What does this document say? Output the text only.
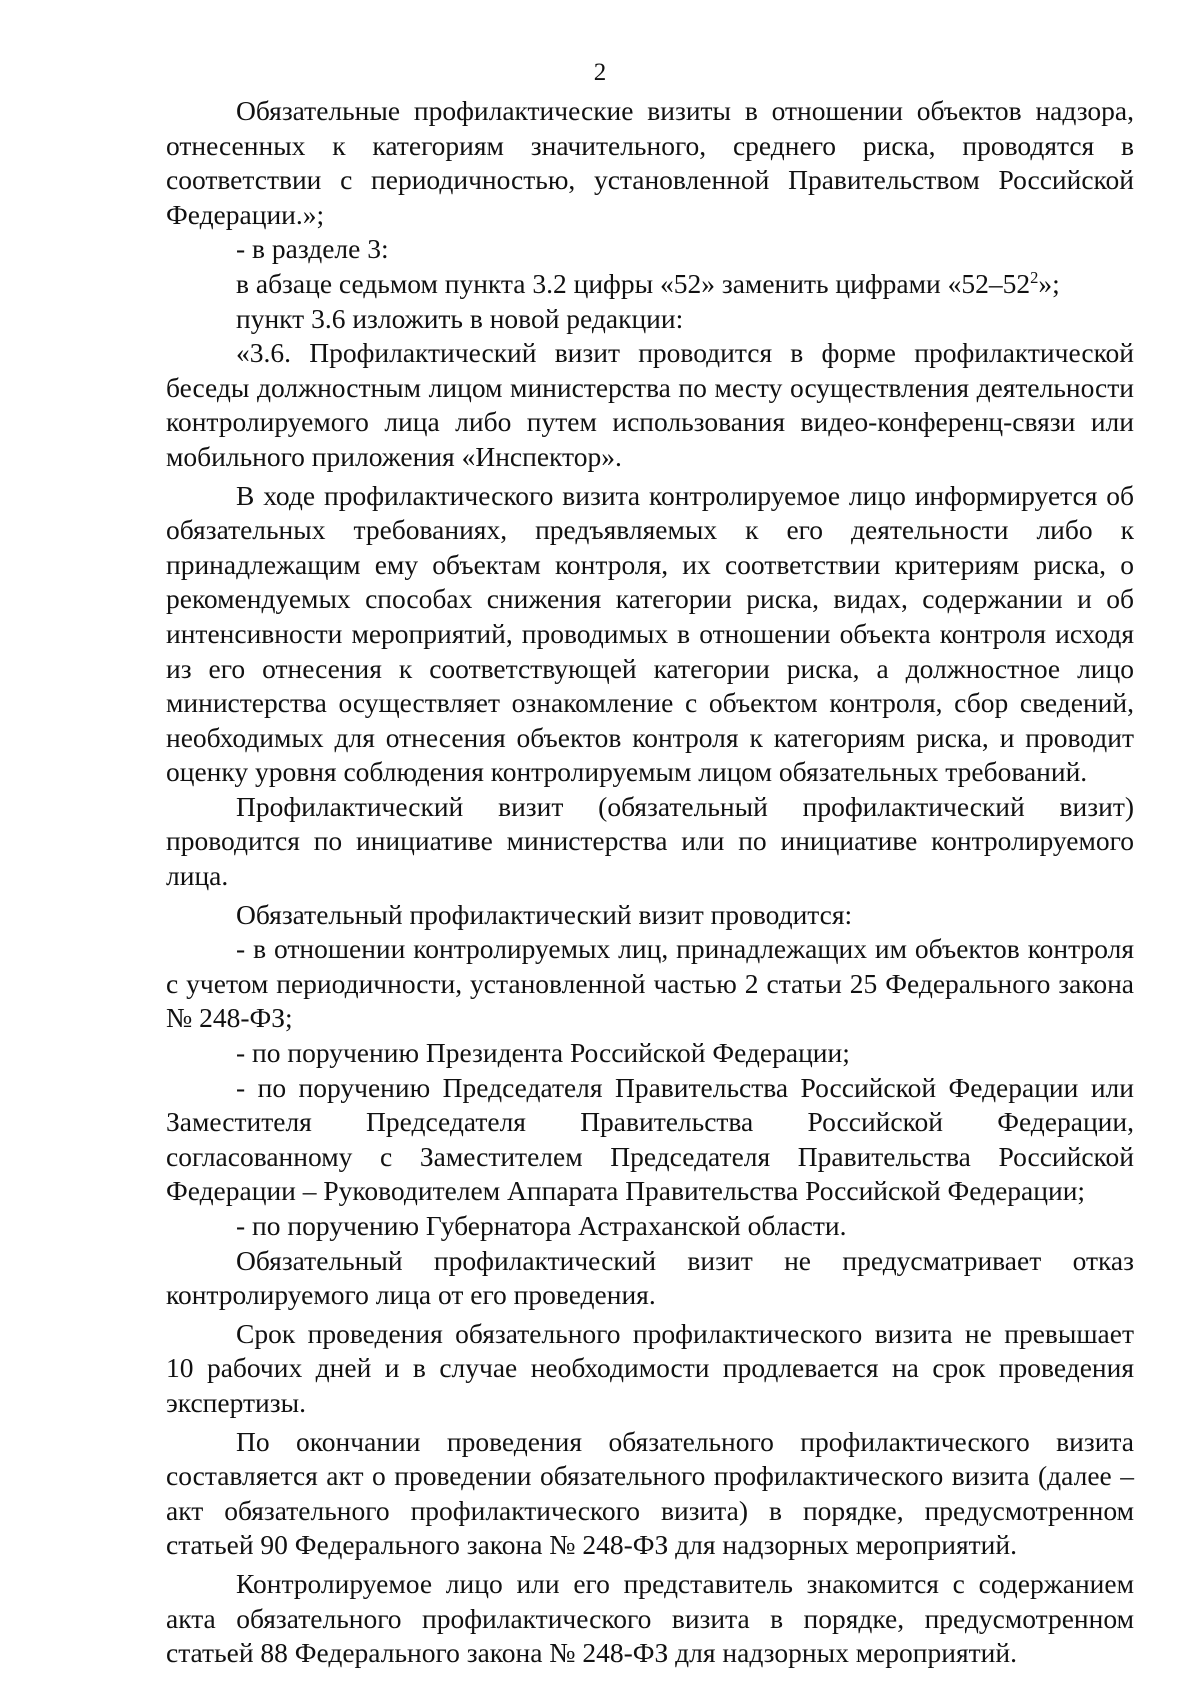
2

Обязательные профилактические визиты в отношении объектов надзора, отнесенных к категориям значительного, среднего риска, проводятся в соответствии с периодичностью, установленной Правительством Российской Федерации.»;

- в разделе 3:

в абзаце седьмом пункта 3.2 цифры «52» заменить цифрами «$52-52^2$»;

пункт 3.6 изложить в новой редакции:

«3.6. Профилактический визит проводится в форме профилактической беседы должностным лицом министерства по месту осуществления деятельности контролируемого лица либо путем использования видео-конференц-связи или мобильного приложения «Инспектор».

В ходе профилактического визита контролируемое лицо информируется об обязательных требованиях, предъявляемых к его деятельности либо к принадлежащим ему объектам контроля, их соответствии критериям риска, о рекомендуемых способах снижения категории риска, видах, содержании и об интенсивности мероприятий, проводимых в отношении объекта контроля исходя из его отнесения к соответствующей категории риска, а должностное лицо министерства осуществляет ознакомление с объектом контроля, сбор сведений, необходимых для отнесения объектов контроля к категориям риска, и проводит оценку уровня соблюдения контролируемым лицом обязательных требований.

Профилактический визит (обязательный профилактический визит) проводится по инициативе министерства или по инициативе контролируемого лица.

Обязательный профилактический визит проводится:

- в отношении контролируемых лиц, принадлежащих им объектов контроля с учетом периодичности, установленной частью 2 статьи 25 Федерального закона № 248-ФЗ;

- по поручению Президента Российской Федерации;

- по поручению Председателя Правительства Российской Федерации или Заместителя Председателя Правительства Российской Федерации, согласованному с Заместителем Председателя Правительства Российской Федерации – Руководителем Аппарата Правительства Российской Федерации;

- по поручению Губернатора Астраханской области.

Обязательный профилактический визит не предусматривает отказ контролируемого лица от его проведения.

Срок проведения обязательного профилактического визита не превышает 10 рабочих дней и в случае необходимости продлевается на срок проведения экспертизы.

По окончании проведения обязательного профилактического визита составляется акт о проведении обязательного профилактического визита (далее – акт обязательного профилактического визита) в порядке, предусмотренном статьей 90 Федерального закона № 248-ФЗ для надзорных мероприятий.

Контролируемое лицо или его представитель знакомится с содержанием акта обязательного профилактического визита в порядке, предусмотренном статьей 88 Федерального закона № 248-ФЗ для надзорных мероприятий.
